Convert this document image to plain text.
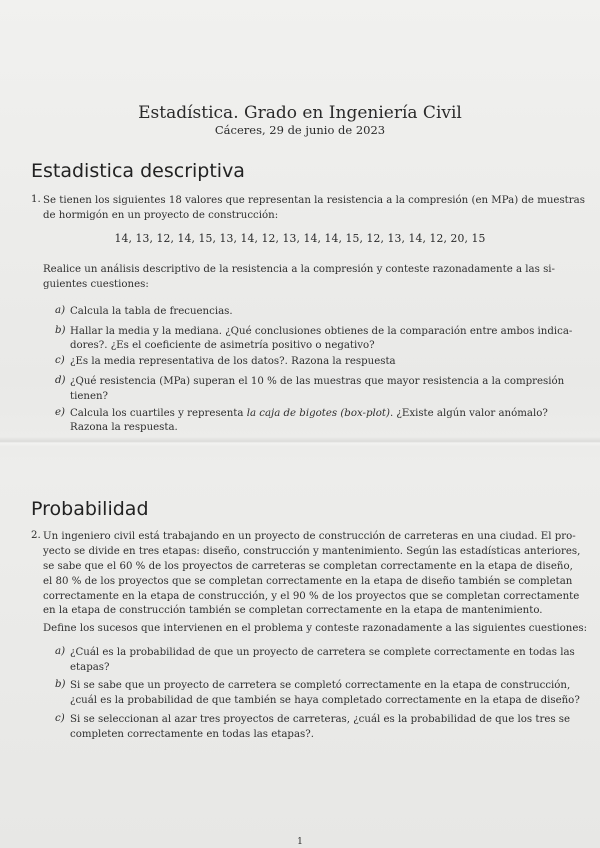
Estadística. Grado en Ingeniería Civil
Cáceres, 29 de junio de 2023
Estadistica descriptiva
1. Se tienen los siguientes 18 valores que representan la resistencia a la compresión (en MPa) de muestras
de hormigón en un proyecto de construcción:
14, 13, 12, 14, 15, 13, 14, 12, 13, 14, 14, 15, 12, 13, 14, 12, 20, 15
Realice un análisis descriptivo de la resistencia a la compresión y conteste razonadamente a las si-
guientes cuestiones:
a) Calcula la tabla de frecuencias.
b) Hallar la media y la mediana. ¿Qué conclusiones obtienes de la comparación entre ambos indica-
dores?. ¿Es el coeficiente de asimetría positivo o negativo?
c) ¿Es la media representativa de los datos?. Razona la respuesta
d) ¿Qué resistencia (MPa) superan el 10 % de las muestras que mayor resistencia a la compresión
tienen?
e) Calcula los cuartiles y representa la caja de bigotes (box-plot). ¿Existe algún valor anómalo?
Razona la respuesta.
Probabilidad
2. Un ingeniero civil está trabajando en un proyecto de construcción de carreteras en una ciudad. El pro-
yecto se divide en tres etapas: diseño, construcción y mantenimiento. Según las estadísticas anteriores,
se sabe que el 60 % de los proyectos de carreteras se completan correctamente en la etapa de diseño,
el 80 % de los proyectos que se completan correctamente en la etapa de diseño también se completan
correctamente en la etapa de construcción, y el 90 % de los proyectos que se completan correctamente
en la etapa de construcción también se completan correctamente en la etapa de mantenimiento.
Define los sucesos que intervienen en el problema y conteste razonadamente a las siguientes cuestiones:
a) ¿Cuál es la probabilidad de que un proyecto de carretera se complete correctamente en todas las
etapas?
b) Si se sabe que un proyecto de carretera se completó correctamente en la etapa de construcción,
¿cuál es la probabilidad de que también se haya completado correctamente en la etapa de diseño?
c) Si se seleccionan al azar tres proyectos de carreteras, ¿cuál es la probabilidad de que los tres se
completen correctamente en todas las etapas?.
1
